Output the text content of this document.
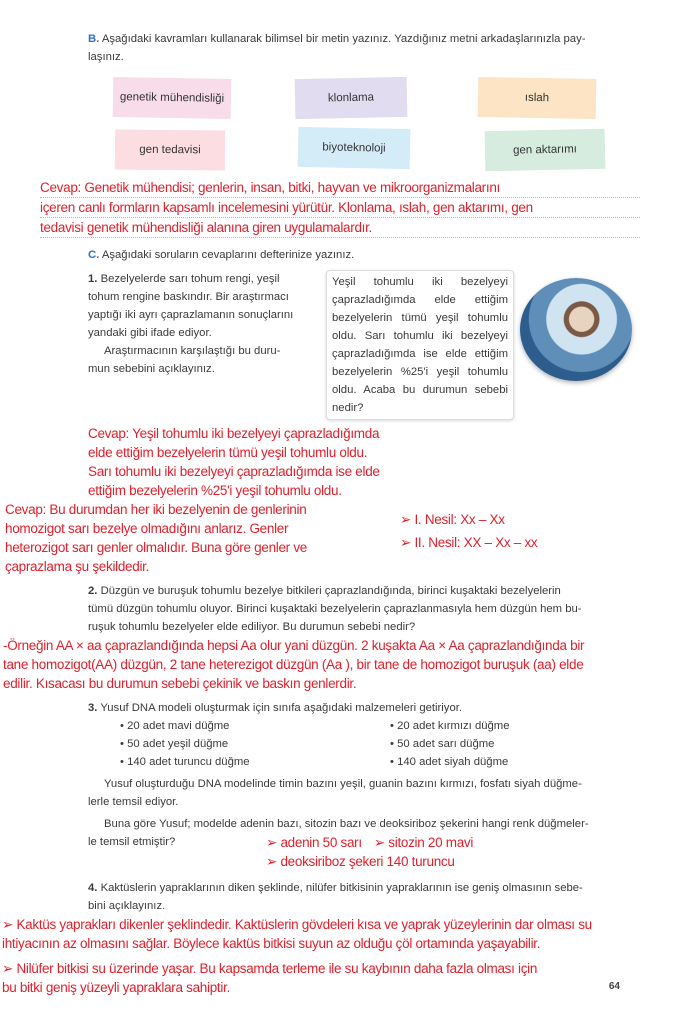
B. Aşağıdaki kavramları kullanarak bilimsel bir metin yazınız. Yazdığınız metni arkadaşlarınızla pay-
laşınız.
genetik mühendisliği	klonlama	ıslah
gen tedavisi	biyoteknoloji	gen aktarımı
Cevap: Genetik mühendisi; genlerin, insan, bitki, hayvan ve mikroorganizmalarını
içeren canlı formların kapsamlı incelemesini yürütür. Klonlama, ıslah, gen aktarımı, gen
tedavisi genetik mühendisliği alanına giren uygulamalardır.
C. Aşağıdaki soruların cevaplarını defterinize yazınız.
1. Bezelyelerde sarı tohum rengi, yeşil
tohum rengine baskındır. Bir araştırmacı
yaptığı iki ayrı çaprazlamanın sonuçlarını
yandaki gibi ifade ediyor.
Araştırmacının karşılaştığı bu duru-
mun sebebini açıklayınız.
Yeşil tohumlu iki bezelyeyi çaprazladığımda elde ettiğim bezelyelerin tümü yeşil tohumlu oldu. Sarı tohumlu iki bezelyeyi çaprazladığımda ise elde ettiğim bezelyelerin %25'i yeşil tohumlu oldu. Acaba bu durumun sebebi nedir?
Cevap: Yeşil tohumlu iki bezelyeyi çaprazladığımda
elde ettiğim bezelyelerin tümü yeşil tohumlu oldu.
Sarı tohumlu iki bezelyeyi çaprazladığımda ise elde
ettiğim bezelyelerin %25'i yeşil tohumlu oldu.
Cevap: Bu durumdan her iki bezelyenin de genlerinin
homozigot sarı bezelye olmadığını anlarız. Genler
heterozigot sarı genler olmalıdır. Buna göre genler ve
çaprazlama şu şekildedir.
➢ I. Nesil: Xx – Xx
➢ II. Nesil: XX – Xx – xx
2. Düzgün ve buruşuk tohumlu bezelye bitkileri çaprazlandığında, birinci kuşaktaki bezelyelerin
tümü düzgün tohumlu oluyor. Birinci kuşaktaki bezelyelerin çaprazlanmasıyla hem düzgün hem bu-
ruşuk tohumlu bezelyeler elde ediliyor. Bu durumun sebebi nedir?
-Örneğin AA × aa çaprazlandığında hepsi Aa olur yani düzgün. 2 kuşakta Aa × Aa çaprazlandığında bir
tane homozigot(AA) düzgün, 2 tane heterezigot düzgün (Aa ), bir tane de homozigot buruşuk (aa) elde
edilir. Kısacası bu durumun sebebi çekinik ve baskın genlerdir.
3. Yusuf DNA modeli oluşturmak için sınıfa aşağıdaki malzemeleri getiriyor.
• 20 adet mavi düğme
• 50 adet yeşil düğme
• 140 adet turuncu düğme
• 20 adet kırmızı düğme
• 50 adet sarı düğme
• 140 adet siyah düğme
Yusuf oluşturduğu DNA modelinde timin bazını yeşil, guanin bazını kırmızı, fosfatı siyah düğme-
lerle temsil ediyor.
Buna göre Yusuf; modelde adenin bazı, sitozin bazı ve deoksiriboz şekerini hangi renk düğmeler-
le temsil etmiştir?	➢ adenin 50 sarı ➢ sitozin 20 mavi
➢ deoksiriboz şekeri 140 turuncu
4. Kaktüslerin yapraklarının diken şeklinde, nilüfer bitkisinin yapraklarının ise geniş olmasının sebe-
bini açıklayınız.
➢ Kaktüs yaprakları dikenler şeklindedir. Kaktüslerin gövdeleri kısa ve yaprak yüzeylerinin dar olması su
ihtiyacının az olmasını sağlar. Böylece kaktüs bitkisi suyun az olduğu çöl ortamında yaşayabilir.
➢ Nilüfer bitkisi su üzerinde yaşar. Bu kapsamda terleme ile su kaybının daha fazla olması için
bu bitki geniş yüzeyli yapraklara sahiptir.	64
